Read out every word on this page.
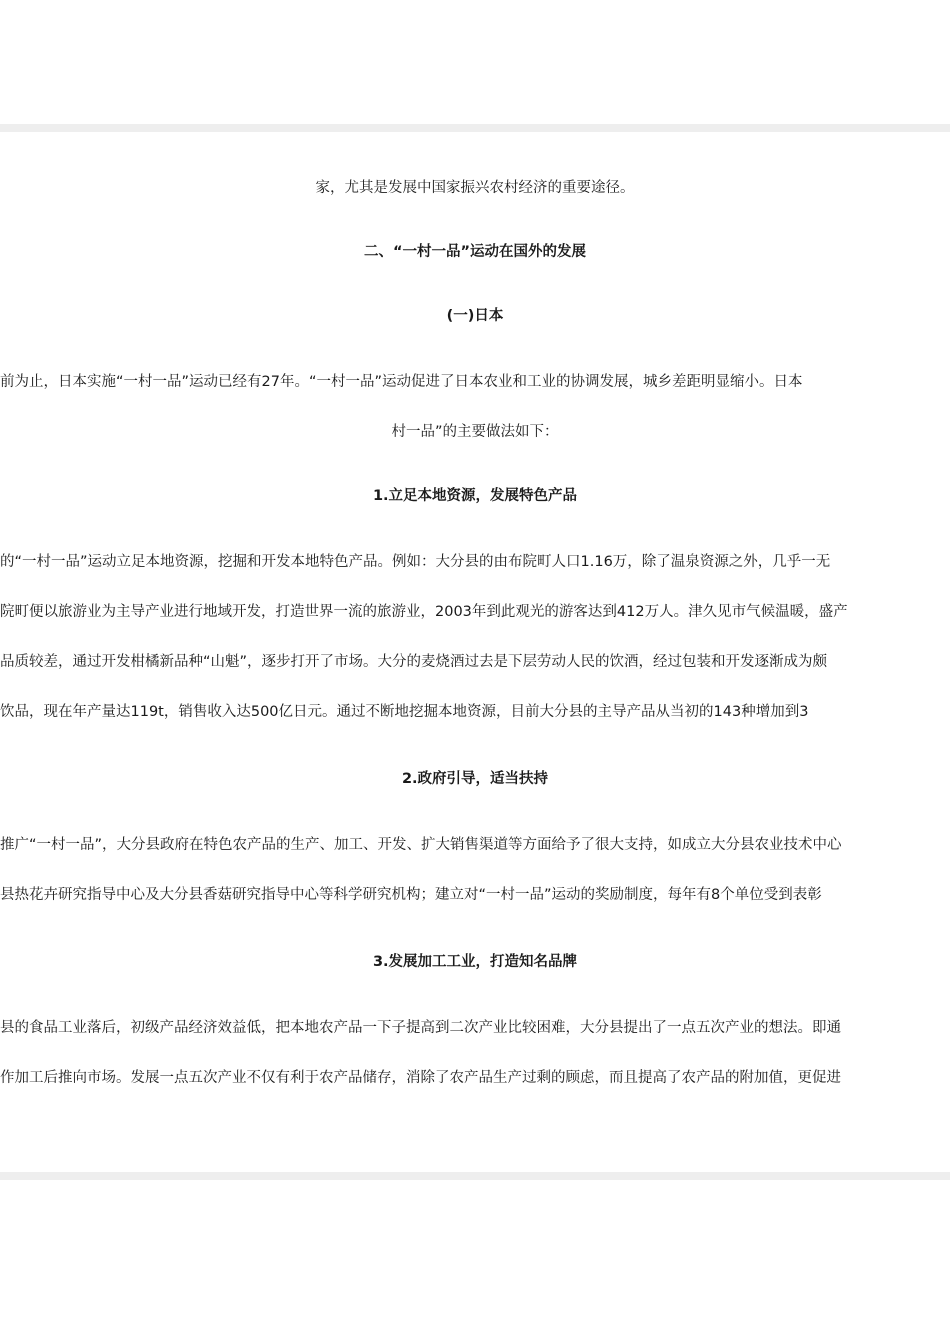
家，尤其是发展中国家振兴农村经济的重要途径。
二、“一村一品”运动在国外的发展
(一)日本
前为止，日本实施“一村一品”运动已经有27年。“一村一品”运动促进了日本农业和工业的协调发展，城乡差距明显缩小。日本
村一品”的主要做法如下：
1.立足本地资源，发展特色产品
的“一村一品”运动立足本地资源，挖掘和开发本地特色产品。例如：大分县的由布院町人口1.16万，除了温泉资源之外，几乎一无
院町便以旅游业为主导产业进行地域开发，打造世界一流的旅游业，2003年到此观光的游客达到412万人。津久见市气候温暖，盛产
品质较差，通过开发柑橘新品种“山魁”，逐步打开了市场。大分的麦烧酒过去是下层劳动人民的饮酒，经过包装和开发逐渐成为颇
饮品，现在年产量达119t，销售收入达500亿日元。通过不断地挖掘本地资源，目前大分县的主导产品从当初的143种增加到3
2.政府引导，适当扶持
推广“一村一品”，大分县政府在特色农产品的生产、加工、开发、扩大销售渠道等方面给予了很大支持，如成立大分县农业技术中心
县热花卉研究指导中心及大分县香菇研究指导中心等科学研究机构；建立对“一村一品”运动的奖励制度，每年有8个单位受到表彰
3.发展加工工业，打造知名品牌
县的食品工业落后，初级产品经济效益低，把本地农产品一下子提高到二次产业比较困难，大分县提出了一点五次产业的想法。即通
作加工后推向市场。发展一点五次产业不仅有利于农产品储存，消除了农产品生产过剩的顾虑，而且提高了农产品的附加值，更促进
